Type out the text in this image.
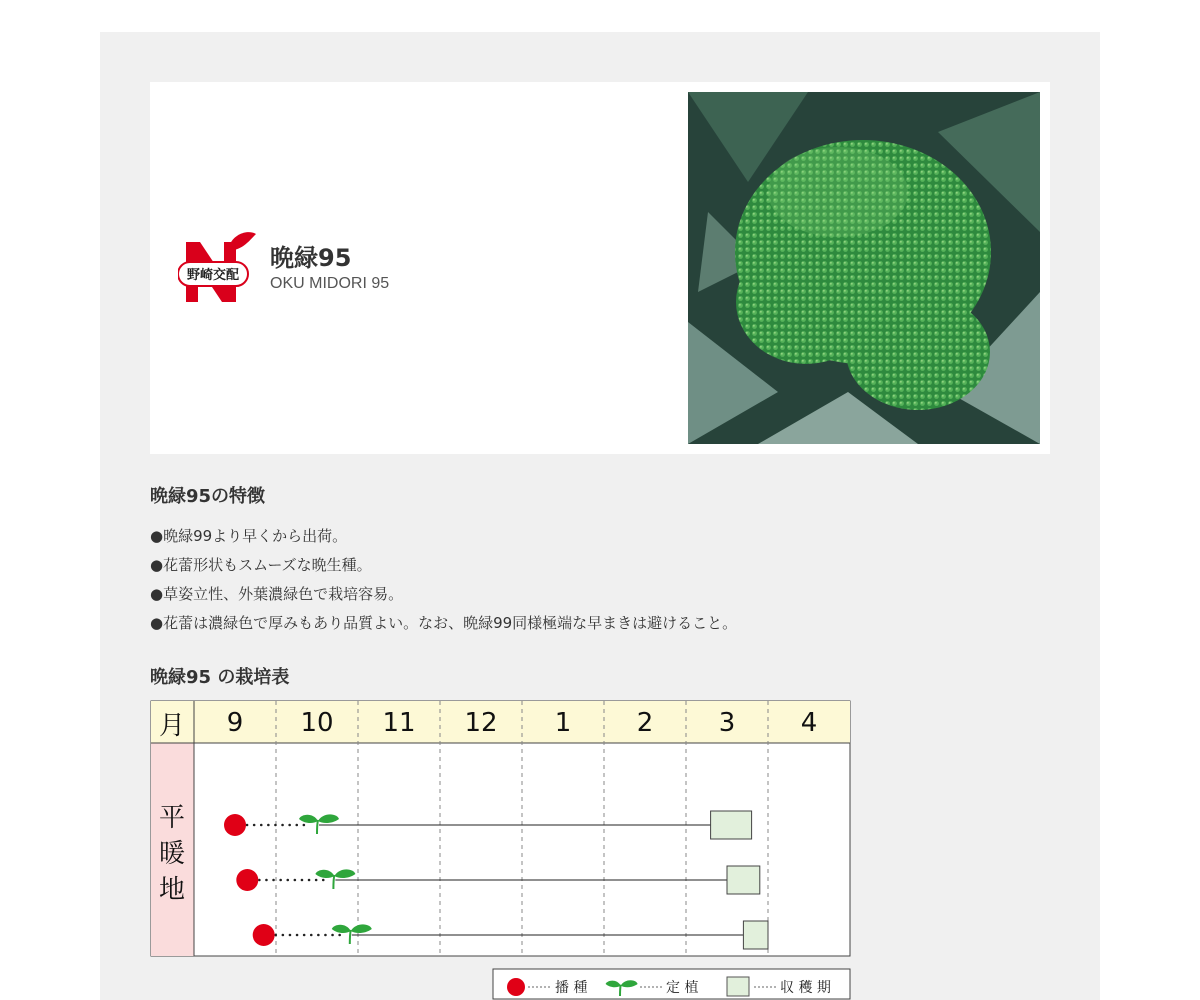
野崎交配
晩緑95
OKU MIDORI 95
晩緑95の特徴
●晩緑99より早くから出荷。
●花蕾形状もスムーズな晩生種。
●草姿立性、外葉濃緑色で栽培容易。
●花蕾は濃緑色で厚みもあり品質よい。なお、晩緑99同様極端な早まきは避けること。
晩緑95 の栽培表
月
平
暖
地
9 10 11 12 1	2	3	4
播 種	定 植	収 穫 期
